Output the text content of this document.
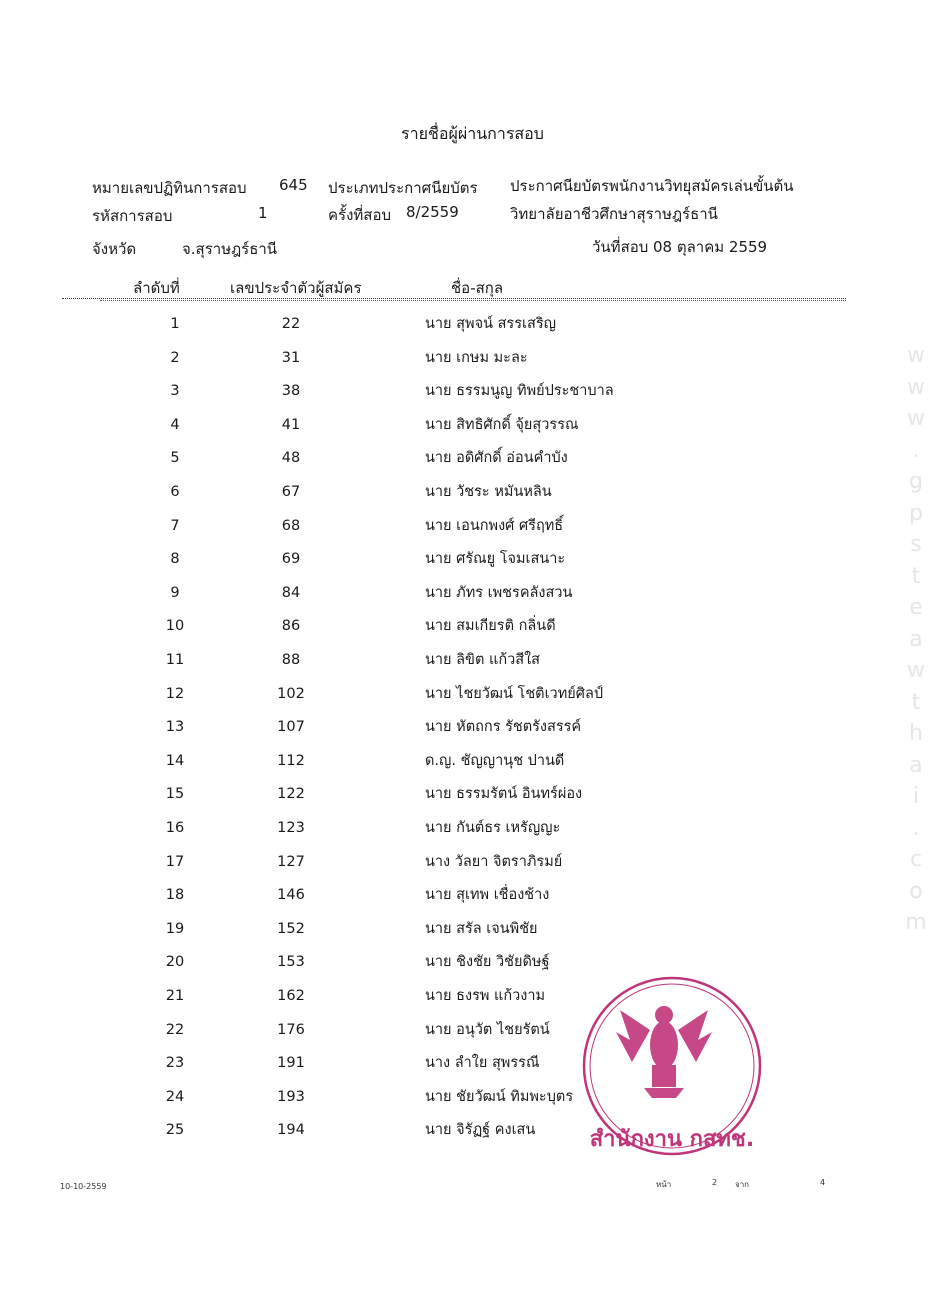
รายชื่อผู้ผ่านการสอบ
หมายเลขปฏิทินการสอบ 645 ประเภทประกาศนียบัตร ประกาศนียบัตรพนักงานวิทยุสมัครเล่นขั้นต้น
รหัสการสอบ	1	ครั้งที่สอบ 8/2559	วิทยาลัยอาชีวศึกษาสุราษฎร์ธานี
จังหวัด	จ.สุราษฎร์ธานี	วันที่สอบ 08 ตุลาคม 2559
ลำดับที่	เลขประจำตัวผู้สมัคร	ชื่อ-สกุล
1	22	นาย สุพจน์ สรรเสริญ
2	31	นาย เกษม มะละ
3	38	นาย ธรรมนูญ ทิพย์ประชาบาล
4	41	นาย สิทธิศักดิ์ จุ้ยสุวรรณ
5	48	นาย อดิศักดิ์ อ่อนคำบัง
6	67	นาย วัชระ หมันหลิน
7	68	นาย เอนกพงศ์ ศรีฤทธิ์
8	69	นาย ศรัณยู โจมเสนาะ
9	84	นาย ภัทร เพชรคลังสวน
10	86	นาย สมเกียรติ กลิ่นดี
11	88	นาย ลิขิต แก้วสีใส
12	102	นาย ไชยวัฒน์ โชติเวทย์ศิลป์
13	107	นาย หัตถกร รัชตรังสรรค์
14	112	ด.ญ. ชัญญานุช ปานดี
15	122	นาย ธรรมรัตน์ อินทร์ผ่อง
16	123	นาย กันต์ธร เหรัญญะ
17	127	นาง วัลยา จิตราภิรมย์
18	146	นาย สุเทพ เชื่องช้าง
19	152	นาย สรัล เจนพิชัย
20	153	นาย ชิงชัย วิชัยดิษฐ์
21	162	นาย ธงรพ แก้วงาม
22	176	นาย อนุวัต ไชยรัตน์
23	191	นาง ลำใย สุพรรณี
24	193	นาย ชัยวัฒน์ ทิมพะบุตร
25	194	นาย จิรัฏฐ์ คงเสน
w
w
w
.
g
p
s
t
e
a
w
t
h
a
i
.
c
o
m
สำนักงาน กสทช.
10-10-2559	หน้า	2 จาก	4
